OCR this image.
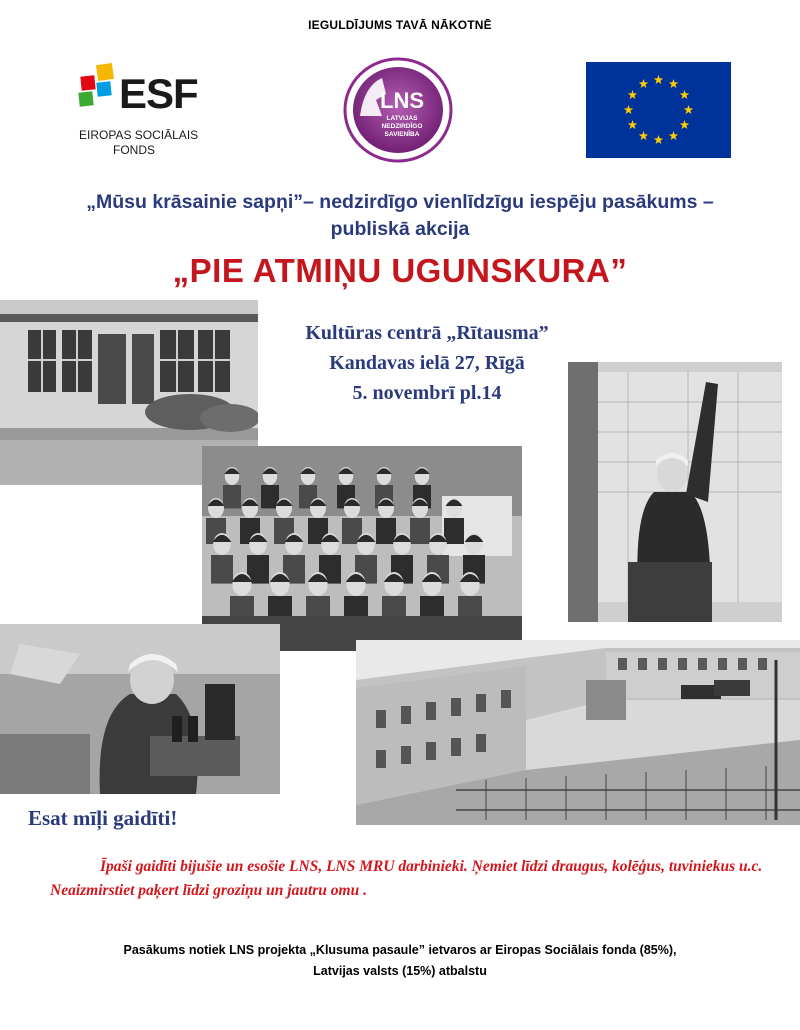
IEGULDĪJUMS TAVĀ NĀKOTNĒ
ESF
EIROPAS SOCIĀLAIS
FONDS
LNS
LATVIJAS
NEDZIRDĪGO
SAVIENĪBA
„Mūsu krāsainie sapņi”– nedzirdīgo vienlīdzīgu iespēju pasākums –
publiskā akcija
„PIE ATMIŅU UGUNSKURA”
Kultūras centrā „Rītausma”
Kandavas ielā 27, Rīgā
5. novembrī pl.14
Esat mīļi gaidīti!
Īpaši gaidīti bijušie un esošie LNS, LNS MRU darbinieki. Ņemiet līdzi draugus, kolēģus, tuviniekus u.c. Neaizmirstiet paķert līdzi groziņu un jautru omu .
Pasākums notiek LNS projekta „Klusuma pasaule” ietvaros ar Eiropas Sociālais fonda (85%),
Latvijas valsts (15%) atbalstu
